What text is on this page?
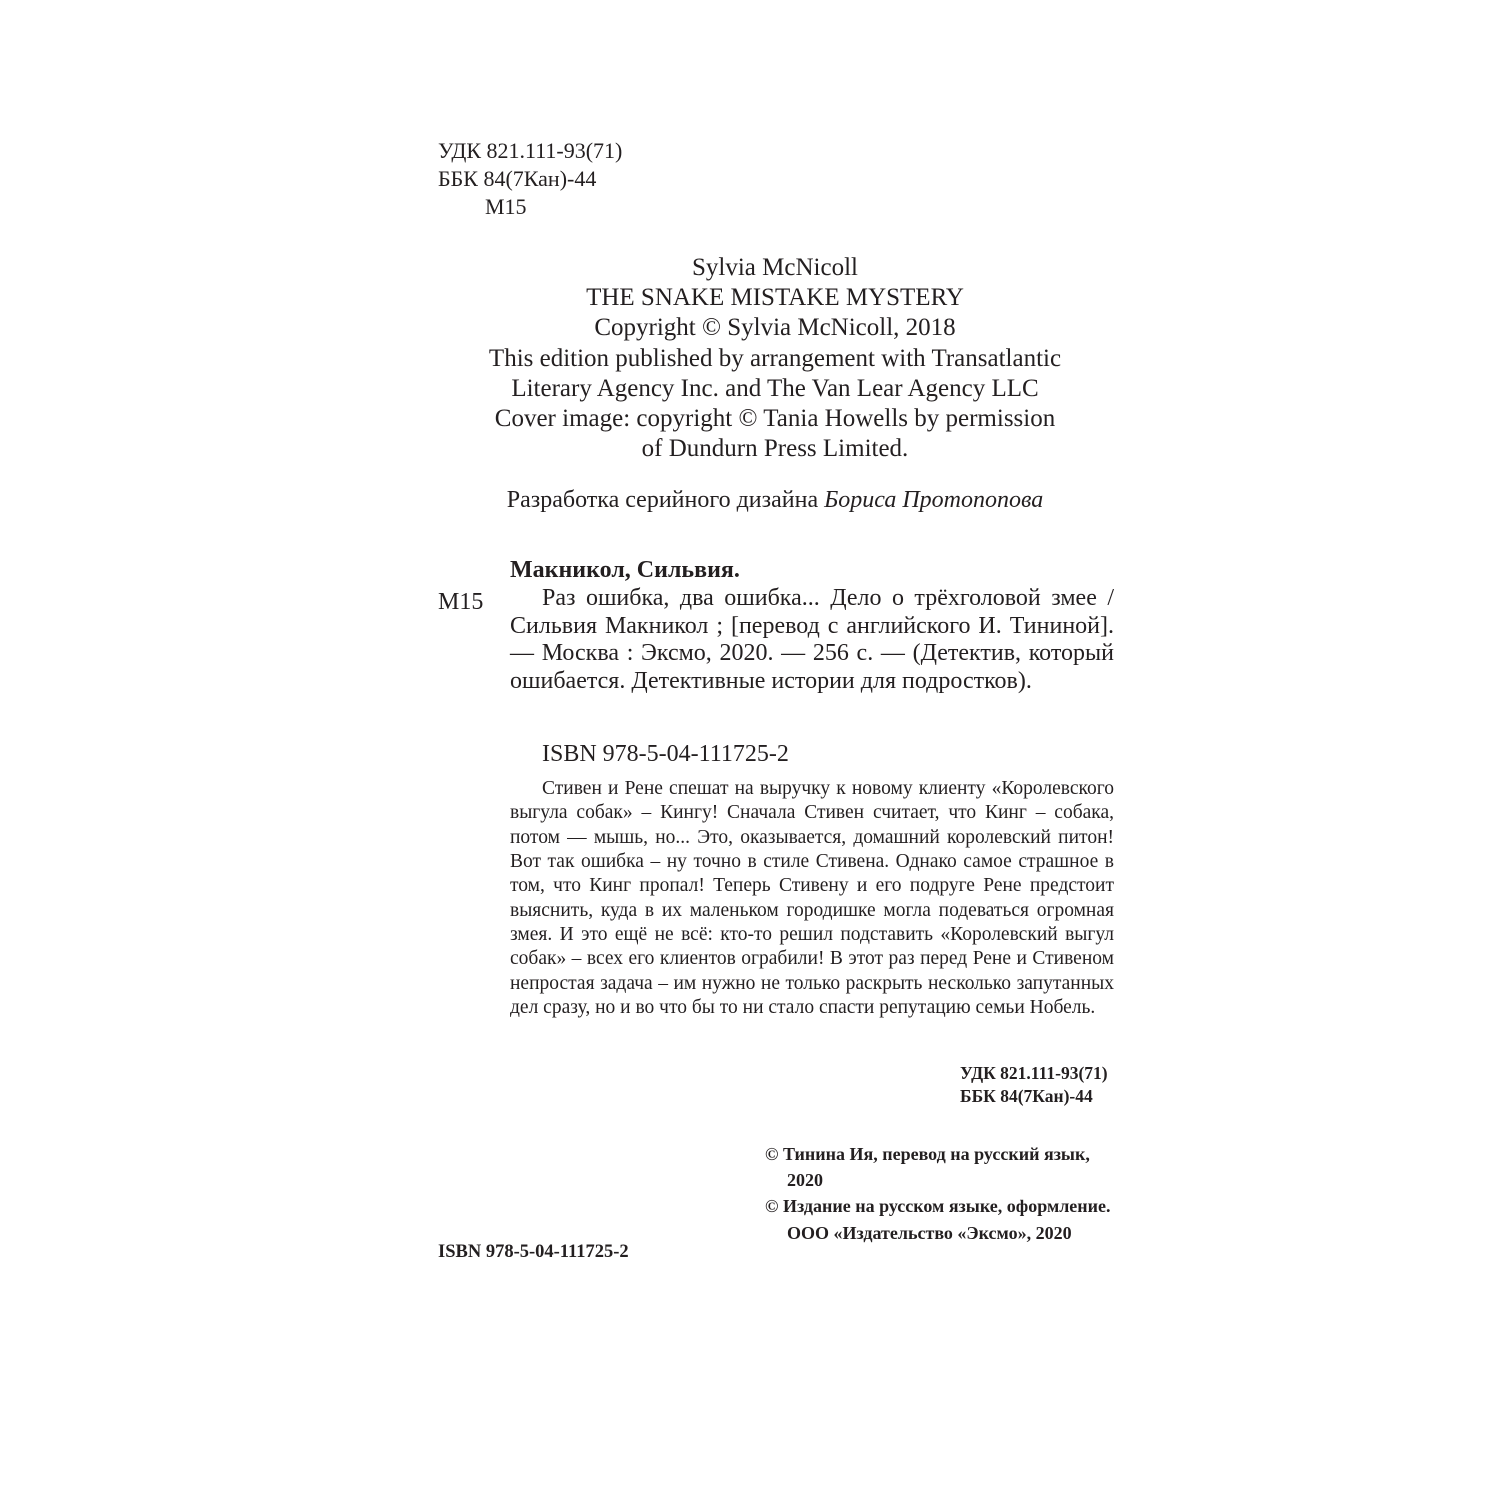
УДК 821.111-93(71)
ББК 84(7Кан)-44
М15
Sylvia McNicoll
THE SNAKE MISTAKE MYSTERY
Copyright © Sylvia McNicoll, 2018
This edition published by arrangement with Transatlantic
Literary Agency Inc. and The Van Lear Agency LLC
Cover image: copyright © Tania Howells by permission
of Dundurn Press Limited.
Разработка серийного дизайна Бориса Протопопова
Макникол, Сильвия.
М15	Раз ошибка, два ошибка... Дело о трёхголовой змее / Сильвия Макникол ; [перевод с английского И. Тининой]. — Москва : Эксмо, 2020. — 256 с. — (Детектив, который ошибается. Детективные истории для подростков).
ISBN 978-5-04-111725-2
Стивен и Рене спешат на выручку к новому клиенту «Королевского выгула собак» – Кингу! Сначала Стивен считает, что Кинг – собака, потом — мышь, но... Это, оказывается, домашний королевский питон! Вот так ошибка – ну точно в стиле Стивена. Однако самое страшное в том, что Кинг пропал! Теперь Стивену и его подруге Рене предстоит выяснить, куда в их маленьком городишке могла подеваться огромная змея. И это ещё не всё: кто-то решил подставить «Королевский выгул собак» – всех его клиентов ограбили! В этот раз перед Рене и Стивеном непростая задача – им нужно не только раскрыть несколько запутанных дел сразу, но и во что бы то ни стало спасти репутацию семьи Нобель.
УДК 821.111-93(71)
ББК 84(7Кан)-44

© Тинина Ия, перевод на русский язык, 2020

© Издание на русском языке, оформление. ООО «Издательство «Эксмо», 2020

ISBN 978-5-04-111725-2
